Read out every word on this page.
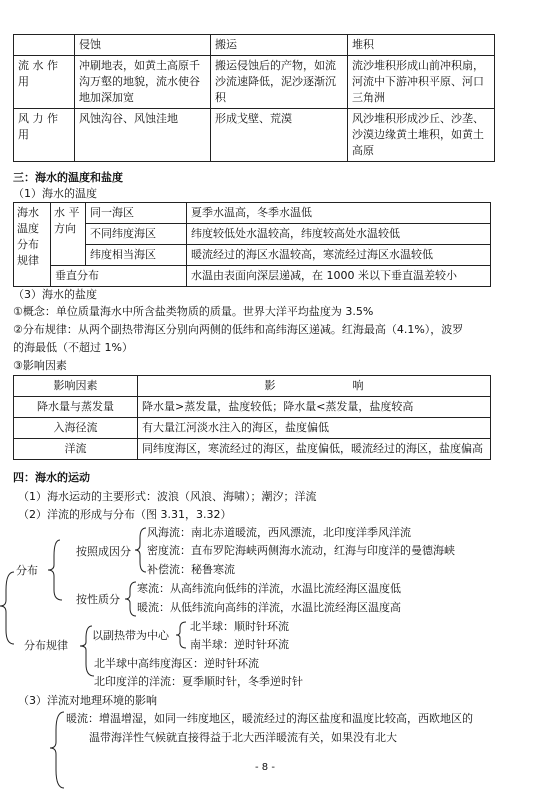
	侵蚀	搬运	堆积
流 水 作 用	冲刷地表，如黄土高原千沟万壑的地貌，流水使谷地加深加宽	搬运侵蚀后的产物，如流沙流速降低，泥沙逐渐沉积	流沙堆积形成山前冲积扇，河流中下游冲积平原、河口三角洲
风 力 作 用	风蚀沟谷、风蚀洼地	形成戈壁、荒漠	风沙堆积形成沙丘、沙垄、沙漠边缘黄土堆积，如黄土高原
三：海水的温度和盐度
（1）海水的温度
海水温度分布规律	水 平方向	同一海区	夏季水温高，冬季水温低
		不同纬度海区	纬度较低处水温较高，纬度较高处水温较低
		纬度相当海区	暖流经过的海区水温较高，寒流经过海区水温较低
	垂直分布		水温由表面向深层递减，在 1000 米以下垂直温差较小
（3）海水的盐度
①概念：单位质量海水中所含盐类物质的质量。世界大洋平均盐度为 3.5%
②分布规律：从两个副热带海区分别向两侧的低纬和高纬海区递减。红海最高（4.1%），波罗
的海最低（不超过 1%）
③影响因素
影响因素	影　　　　　　　响
降水量与蒸发量	降水量>蒸发量，盐度较低；降水量<蒸发量，盐度较高
入海径流	有大量江河淡水注入的海区，盐度偏低
洋流	同纬度海区，寒流经过的海区，盐度偏低，暖流经过的海区，盐度偏高
四：海水的运动
（1）海水运动的主要形式：波浪（风浪、海啸）；潮汐；洋流
（2）洋流的形成与分布（图 3.31，3.32）
分布
按照成因分
风海流：南北赤道暖流，西风漂流，北印度洋季风洋流
密度流：直布罗陀海峡两侧海水流动，红海与印度洋的曼德海峡
补偿流：秘鲁寒流
按性质分
寒流：从高纬流向低纬的洋流，水温比流经海区温度低
暖流：从低纬流向高纬的洋流，水温比流经海区温度高
分布规律
以副热带为中心
北半球：顺时针环流
南半球：逆时针环流
北半球中高纬度海区：逆时针环流
北印度洋的洋流：夏季顺时针，冬季逆时针
（3）洋流对地理环境的影响
暖流：增温增湿，如同一纬度地区，暖流经过的海区盐度和温度比较高，西欧地区的
温带海洋性气候就直接得益于北大西洋暖流有关，如果没有北大
- 8 -
